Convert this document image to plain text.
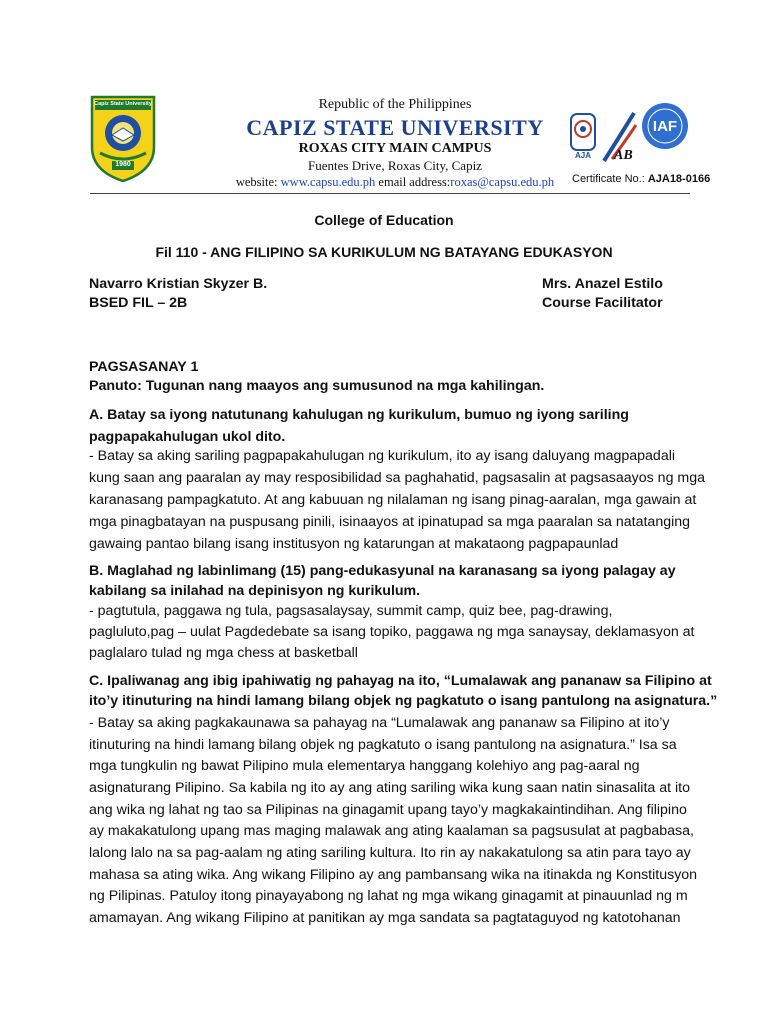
Capiz State University
1980
Republic of the Philippines
CAPIZ STATE UNIVERSITY
ROXAS CITY MAIN CAMPUS
Fuentes Drive, Roxas City, Capiz
website: www.capsu.edu.ph email address:roxas@capsu.edu.ph
AJA	AB
IAF
Certificate No.: AJA18-0166
College of Education
Fil 110 - ANG FILIPINO SA KURIKULUM NG BATAYANG EDUKASYON
Navarro Kristian Skyzer B.
BSED FIL – 2B
Mrs. Anazel Estilo
Course Facilitator
PAGSASANAY 1
Panuto: Tugunan nang maayos ang sumusunod na mga kahilingan.
A. Batay sa iyong natutunang kahulugan ng kurikulum, bumuo ng iyong sariling
pagpapakahulugan ukol dito.
- Batay sa aking sariling pagpapakahulugan ng kurikulum, ito ay isang daluyang magpapadali
kung saan ang paaralan ay may resposibilidad sa paghahatid, pagsasalin at pagsasaayos ng mga
karanasang pampagkatuto. At ang kabuuan ng nilalaman ng isang pinag-aaralan, mga gawain at
mga pinagbatayan na puspusang pinili, isinaayos at ipinatupad sa mga paaralan sa natatanging
gawaing pantao bilang isang institusyon ng katarungan at makataong pagpapaunlad
B. Maglahad ng labinlimang (15) pang-edukasyunal na karanasang sa iyong palagay ay
kabilang sa inilahad na depinisyon ng kurikulum.
- pagtutula, paggawa ng tula, pagsasalaysay, summit camp, quiz bee, pag-drawing,
pagluluto,pag – uulat Pagdedebate sa isang topiko, paggawa ng mga sanaysay, deklamasyon at
paglalaro tulad ng mga chess at basketball
C. Ipaliwanag ang ibig ipahiwatig ng pahayag na ito, “Lumalawak ang pananaw sa Filipino at
ito’y itinuturing na hindi lamang bilang objek ng pagkatuto o isang pantulong na asignatura.”
- Batay sa aking pagkakaunawa sa pahayag na “Lumalawak ang pananaw sa Filipino at ito’y
itinuturing na hindi lamang bilang objek ng pagkatuto o isang pantulong na asignatura.” Isa sa
mga tungkulin ng bawat Pilipino mula elementarya hanggang kolehiyo ang pag-aaral ng
asignaturang Pilipino. Sa kabila ng ito ay ang ating sariling wika kung saan natin sinasalita at ito
ang wika ng lahat ng tao sa Pilipinas na ginagamit upang tayo’y magkakaintindihan. Ang filipino
ay makakatulong upang mas maging malawak ang ating kaalaman sa pagsusulat at pagbabasa,
lalong lalo na sa pag-aalam ng ating sariling kultura. Ito rin ay nakakatulong sa atin para tayo ay
mahasa sa ating wika. Ang wikang Filipino ay ang pambansang wika na itinakda ng Konstitusyon
ng Pilipinas. Patuloy itong pinayayabong ng lahat ng mga wikang ginagamit at pinauunlad ng m
amamayan. Ang wikang Filipino at panitikan ay mga sandata sa pagtataguyod ng katotohanan
